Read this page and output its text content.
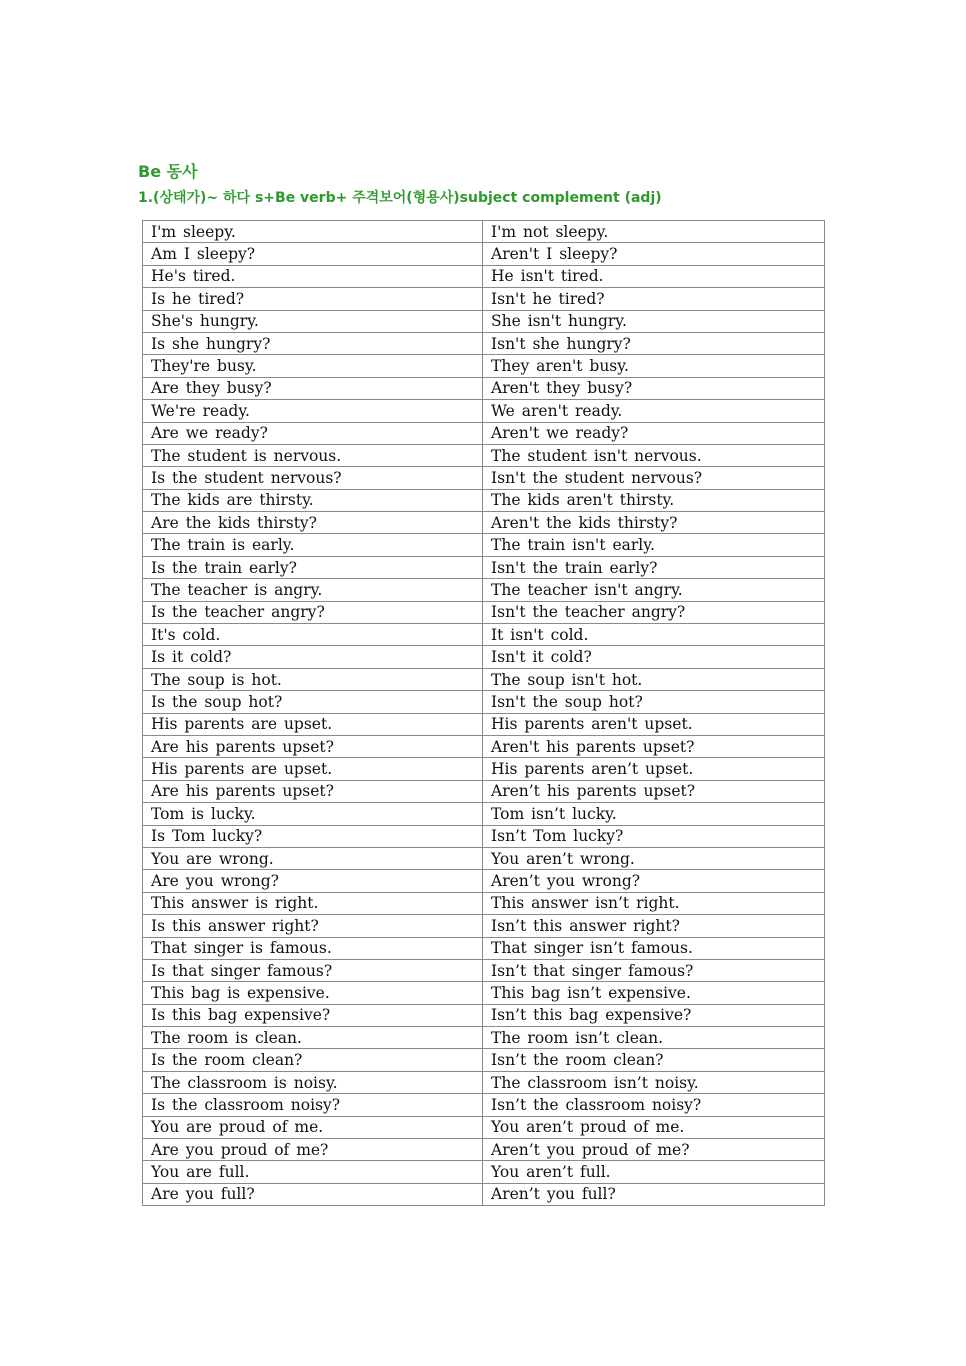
Be 동사
1.(상태가)~ 하다 s+Be verb+ 주격보어(형용사)subject complement (adj)
I'm sleepy.	I'm not sleepy.
Am I sleepy?	Aren't I sleepy?
He's tired.	He isn't tired.
Is he tired?	Isn't he tired?
She's hungry.	She isn't hungry.
Is she hungry?	Isn't she hungry?
They're busy.	They aren't busy.
Are they busy?	Aren't they busy?
We're ready.	We aren't ready.
Are we ready?	Aren't we ready?
The student is nervous.	The student isn't nervous.
Is the student nervous?	Isn't the student nervous?
The kids are thirsty.	The kids aren't thirsty.
Are the kids thirsty?	Aren't the kids thirsty?
The train is early.	The train isn't early.
Is the train early?	Isn't the train early?
The teacher is angry.	The teacher isn't angry.
Is the teacher angry?	Isn't the teacher angry?
It's cold.	It isn't cold.
Is it cold?	Isn't it cold?
The soup is hot.	The soup isn't hot.
Is the soup hot?	Isn't the soup hot?
His parents are upset.	His parents aren't upset.
Are his parents upset?	Aren't his parents upset?
His parents are upset.	His parents aren’t upset.
Are his parents upset?	Aren’t his parents upset?
Tom is lucky.	Tom isn’t lucky.
Is Tom lucky?	Isn’t Tom lucky?
You are wrong.	You aren’t wrong.
Are you wrong?	Aren’t you wrong?
This answer is right.	This answer isn’t right.
Is this answer right?	Isn’t this answer right?
That singer is famous.	That singer isn’t famous.
Is that singer famous?	Isn’t that singer famous?
This bag is expensive.	This bag isn’t expensive.
Is this bag expensive?	Isn’t this bag expensive?
The room is clean.	The room isn’t clean.
Is the room clean?	Isn’t the room clean?
The classroom is noisy.	The classroom isn’t noisy.
Is the classroom noisy?	Isn’t the classroom noisy?
You are proud of me.	You aren’t proud of me.
Are you proud of me?	Aren’t you proud of me?
You are full.	You aren’t full.
Are you full?	Aren’t you full?
